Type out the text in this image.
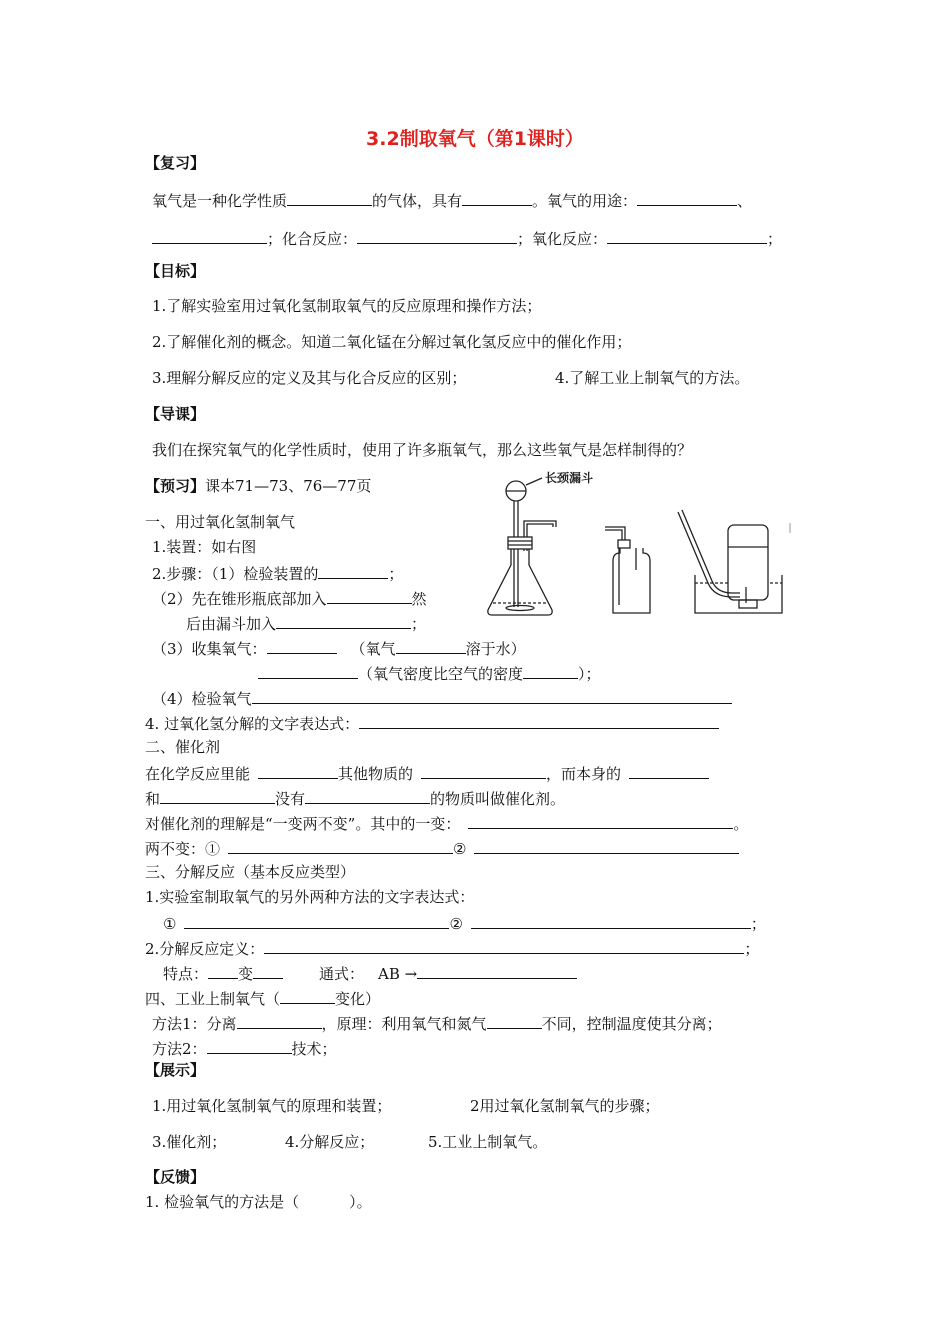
3.2制取氧气（第1课时）
【复习】
氧气是一种化学性质	的气体，具有	。氧气的用途：	、
；化合反应：	；氧化反应：	；
【目标】
1.了解实验室用过氧化氢制取氧气的反应原理和操作方法；
2.了解催化剂的概念。知道二氧化锰在分解过氧化氢反应中的催化作用；
3.理解分解反应的定义及其与化合反应的区别；	4.了解工业上制氧气的方法。
【导课】
我们在探究氧气的化学性质时，使用了许多瓶氧气，那么这些氧气是怎样制得的？
【预习】课本71—73、76—77页
一、用过氧化氢制氧气
1.装置：如右图
2.步骤：（1）检验装置的	；
（2）先在锥形瓶底部加入	然
后由漏斗加入	；
（3）收集氧气：	（氧气	溶于水）
（氧气密度比空气的密度	）；
（4）检验氧气
4. 过氧化氢分解的文字表达式：
二、催化剂
在化学反应里能	其他物质的	，而本身的
和	没有	的物质叫做催化剂。
对催化剂的理解是“一变两不变”。其中的一变：	。
两不变：①	②
三、分解反应（基本反应类型）
1.实验室制取氧气的另外两种方法的文字表达式：
①	②	；
2.分解反应定义：	；
特点： 变	通式： AB →
四、工业上制氧气（	变化）
方法1：分离	，原理：利用氧气和氮气	不同，控制温度使其分离；
方法2：	技术；
【展示】
1.用过氧化氢制氧气的原理和装置；	2用过氧化氢制氧气的步骤；
3.催化剂；	4.分解反应；	5.工业上制氧气。
【反馈】
1. 检验氧气的方法是（	）。
长颈漏斗
